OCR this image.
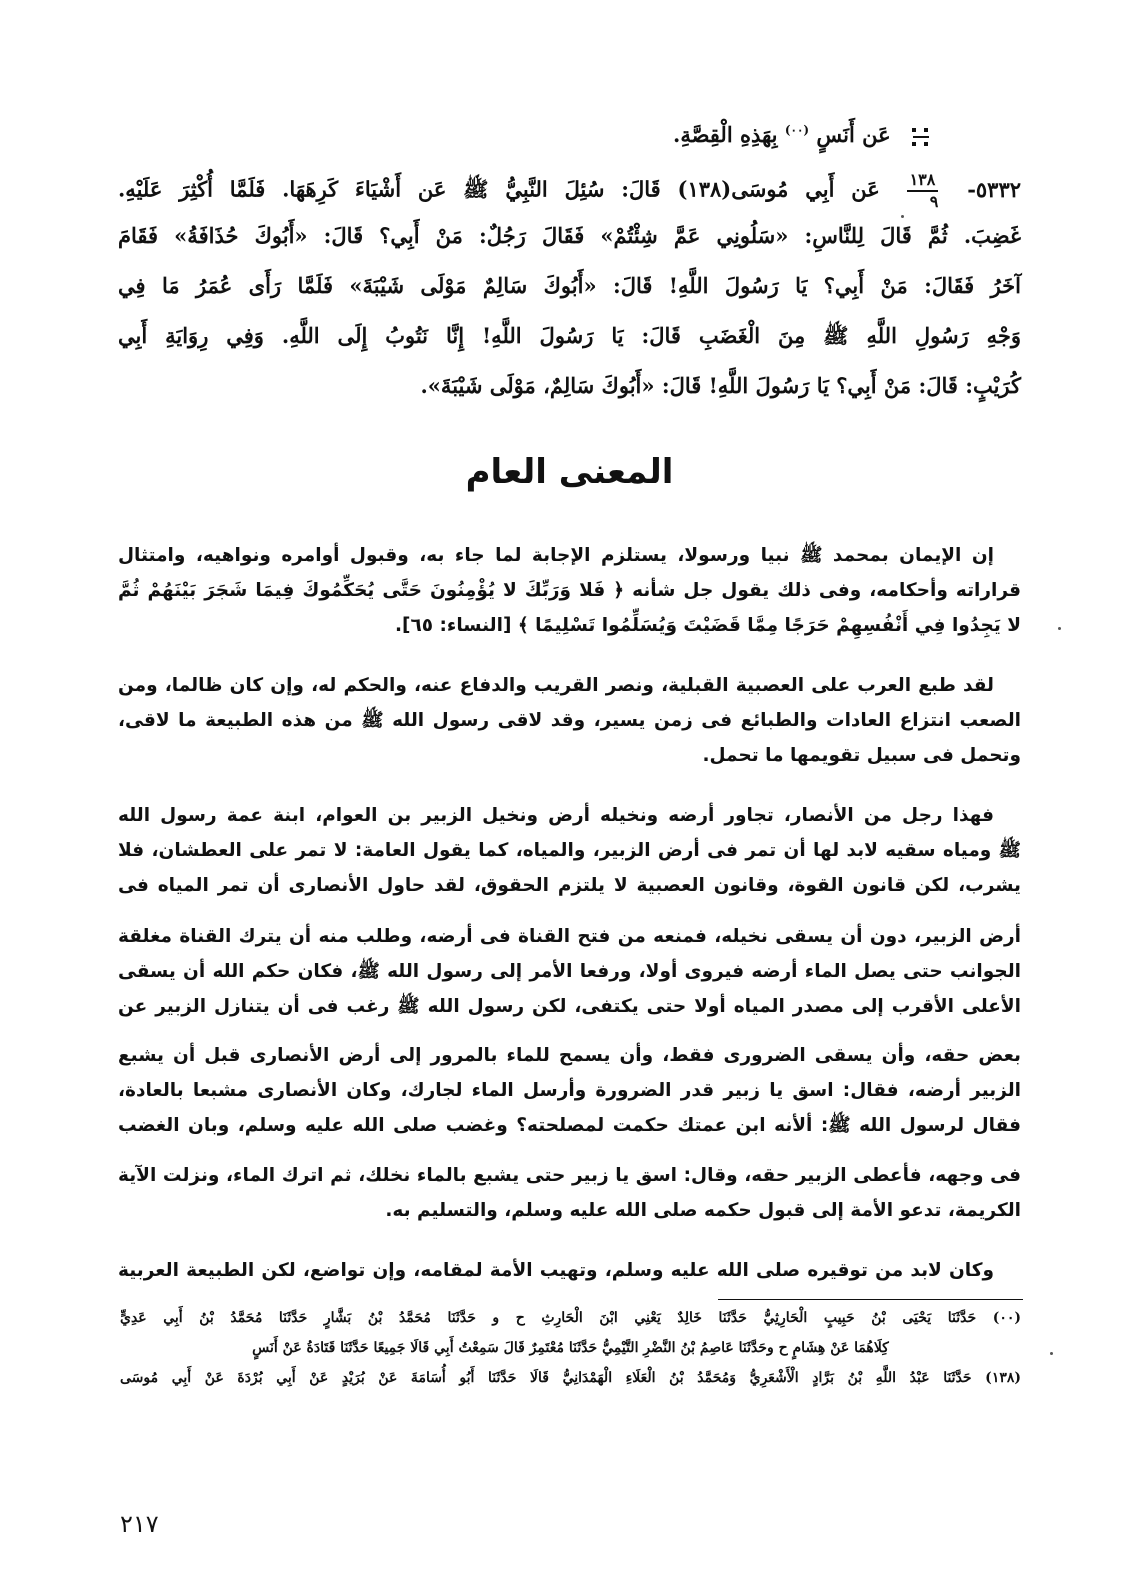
عَن أَنَسٍ $^{(٠٠)}$ بِهَذِهِ الْقِصَّةِ.
٥٣٣٢-
$\frac{١٣٨}{٩}$
عَن أَبِي مُوسَى(١٣٨) قَالَ: سُئِلَ النَّبِيُّ ﷺ عَن أَشْيَاءَ كَرِهَهَا. فَلَمَّا أُكْثِرَ عَلَيْهِ.
غَضِبَ. ثُمَّ قَالَ لِلنَّاسِ: «سَلُونِي عَمَّ شِئْتُمْ» فَقَالَ رَجُلٌ: مَنْ أَبِي؟ قَالَ: «أَبُوكَ حُذَافَةُ» فَقَامَ
آخَرُ فَقَالَ: مَنْ أَبِي؟ يَا رَسُولَ اللَّهِ! قَالَ: «أَبُوكَ سَالِمٌ مَوْلَى شَيْبَةَ» فَلَمَّا رَأَى عُمَرُ مَا فِي
وَجْهِ رَسُولِ اللَّهِ ﷺ مِنَ الْغَضَبِ قَالَ: يَا رَسُولَ اللَّهِ! إِنَّا نَتُوبُ إِلَى اللَّهِ. وَفِي رِوَايَةِ أَبِي
كُرَيْبٍ: قَالَ: مَنْ أَبِي؟ يَا رَسُولَ اللَّهِ! قَالَ: «أَبُوكَ سَالِمٌ، مَوْلَى شَيْبَةَ».
المعنى العام
إن الإيمان بمحمد ﷺ نبيا ورسولا، يستلزم الإجابة لما جاء به، وقبول أوامره ونواهيه، وامتثال
قراراته وأحكامه، وفى ذلك يقول جل شأنه ﴿ فَلا وَرَبِّكَ لا يُؤْمِنُونَ حَتَّى يُحَكِّمُوكَ فِيمَا شَجَرَ بَيْنَهُمْ ثُمَّ
لا يَجِدُوا فِي أَنْفُسِهِمْ حَرَجًا مِمَّا قَضَيْتَ وَيُسَلِّمُوا تَسْلِيمًا ﴾ [النساء: ٦٥].
لقد طبع العرب على العصبية القبلية، ونصر القريب والدفاع عنه، والحكم له، وإن كان ظالما، ومن
الصعب انتزاع العادات والطبائع فى زمن يسير، وقد لاقى رسول الله ﷺ من هذه الطبيعة ما لاقى،
وتحمل فى سبيل تقويمها ما تحمل.
فهذا رجل من الأنصار، تجاور أرضه ونخيله أرض ونخيل الزبير بن العوام، ابنة عمة رسول الله
ﷺ ومياه سقيه لابد لها أن تمر فى أرض الزبير، والمياه، كما يقول العامة: لا تمر على العطشان، فلا
يشرب، لكن قانون القوة، وقانون العصبية لا يلتزم الحقوق، لقد حاول الأنصارى أن تمر المياه فى
أرض الزبير، دون أن يسقى نخيله، فمنعه من فتح القناة فى أرضه، وطلب منه أن يترك القناة مغلقة
الجوانب حتى يصل الماء أرضه فيروى أولا، ورفعا الأمر إلى رسول الله ﷺ، فكان حكم الله أن يسقى
الأعلى الأقرب إلى مصدر المياه أولا حتى يكتفى، لكن رسول الله ﷺ رغب فى أن يتنازل الزبير عن
بعض حقه، وأن يسقى الضرورى فقط، وأن يسمح للماء بالمرور إلى أرض الأنصارى قبل أن يشبع
الزبير أرضه، فقال: اسق يا زبير قدر الضرورة وأرسل الماء لجارك، وكان الأنصارى مشبعا بالعادة،
فقال لرسول الله ﷺ: ألأنه ابن عمتك حكمت لمصلحته؟ وغضب صلى الله عليه وسلم، وبان الغضب
فى وجهه، فأعطى الزبير حقه، وقال: اسق يا زبير حتى يشبع بالماء نخلك، ثم اترك الماء، ونزلت الآية
الكريمة، تدعو الأمة إلى قبول حكمه صلى الله عليه وسلم، والتسليم به.
وكان لابد من توقيره صلى الله عليه وسلم، وتهيب الأمة لمقامه، وإن تواضع، لكن الطبيعة العربية
(٠٠) حَدَّثَنَا يَحْيَى بْنُ حَبِيبٍ الْحَارِثِيُّ حَدَّثَنَا خَالِدٌ يَعْنِي ابْنَ الْحَارِثِ ح و حَدَّثَنَا مُحَمَّدُ بْنُ بَشَّارٍ حَدَّثَنَا مُحَمَّدُ بْنُ أَبِي عَدِيٍّ
كِلَاهُمَا عَنْ هِشَامٍ ح وحَدَّثَنَا عَاصِمُ بْنُ النَّضْرِ التَّيْمِيُّ حَدَّثَنَا مُعْتَمِرٌ قَالَ سَمِعْتُ أَبِي قَالَا جَمِيعًا حَدَّثَنَا قَتَادَةُ عَنْ أَنَسٍ
(١٣٨) حَدَّثَنَا عَبْدُ اللَّهِ بْنُ بَرَّادٍ الْأَشْعَرِيُّ وَمُحَمَّدُ بْنُ الْعَلَاءِ الْهَمْدَانِيُّ قَالَا حَدَّثَنَا أَبُو أُسَامَةَ عَنْ بُرَيْدٍ عَنْ أَبِي بُرْدَةَ عَنْ أَبِي مُوسَى
٢١٧
